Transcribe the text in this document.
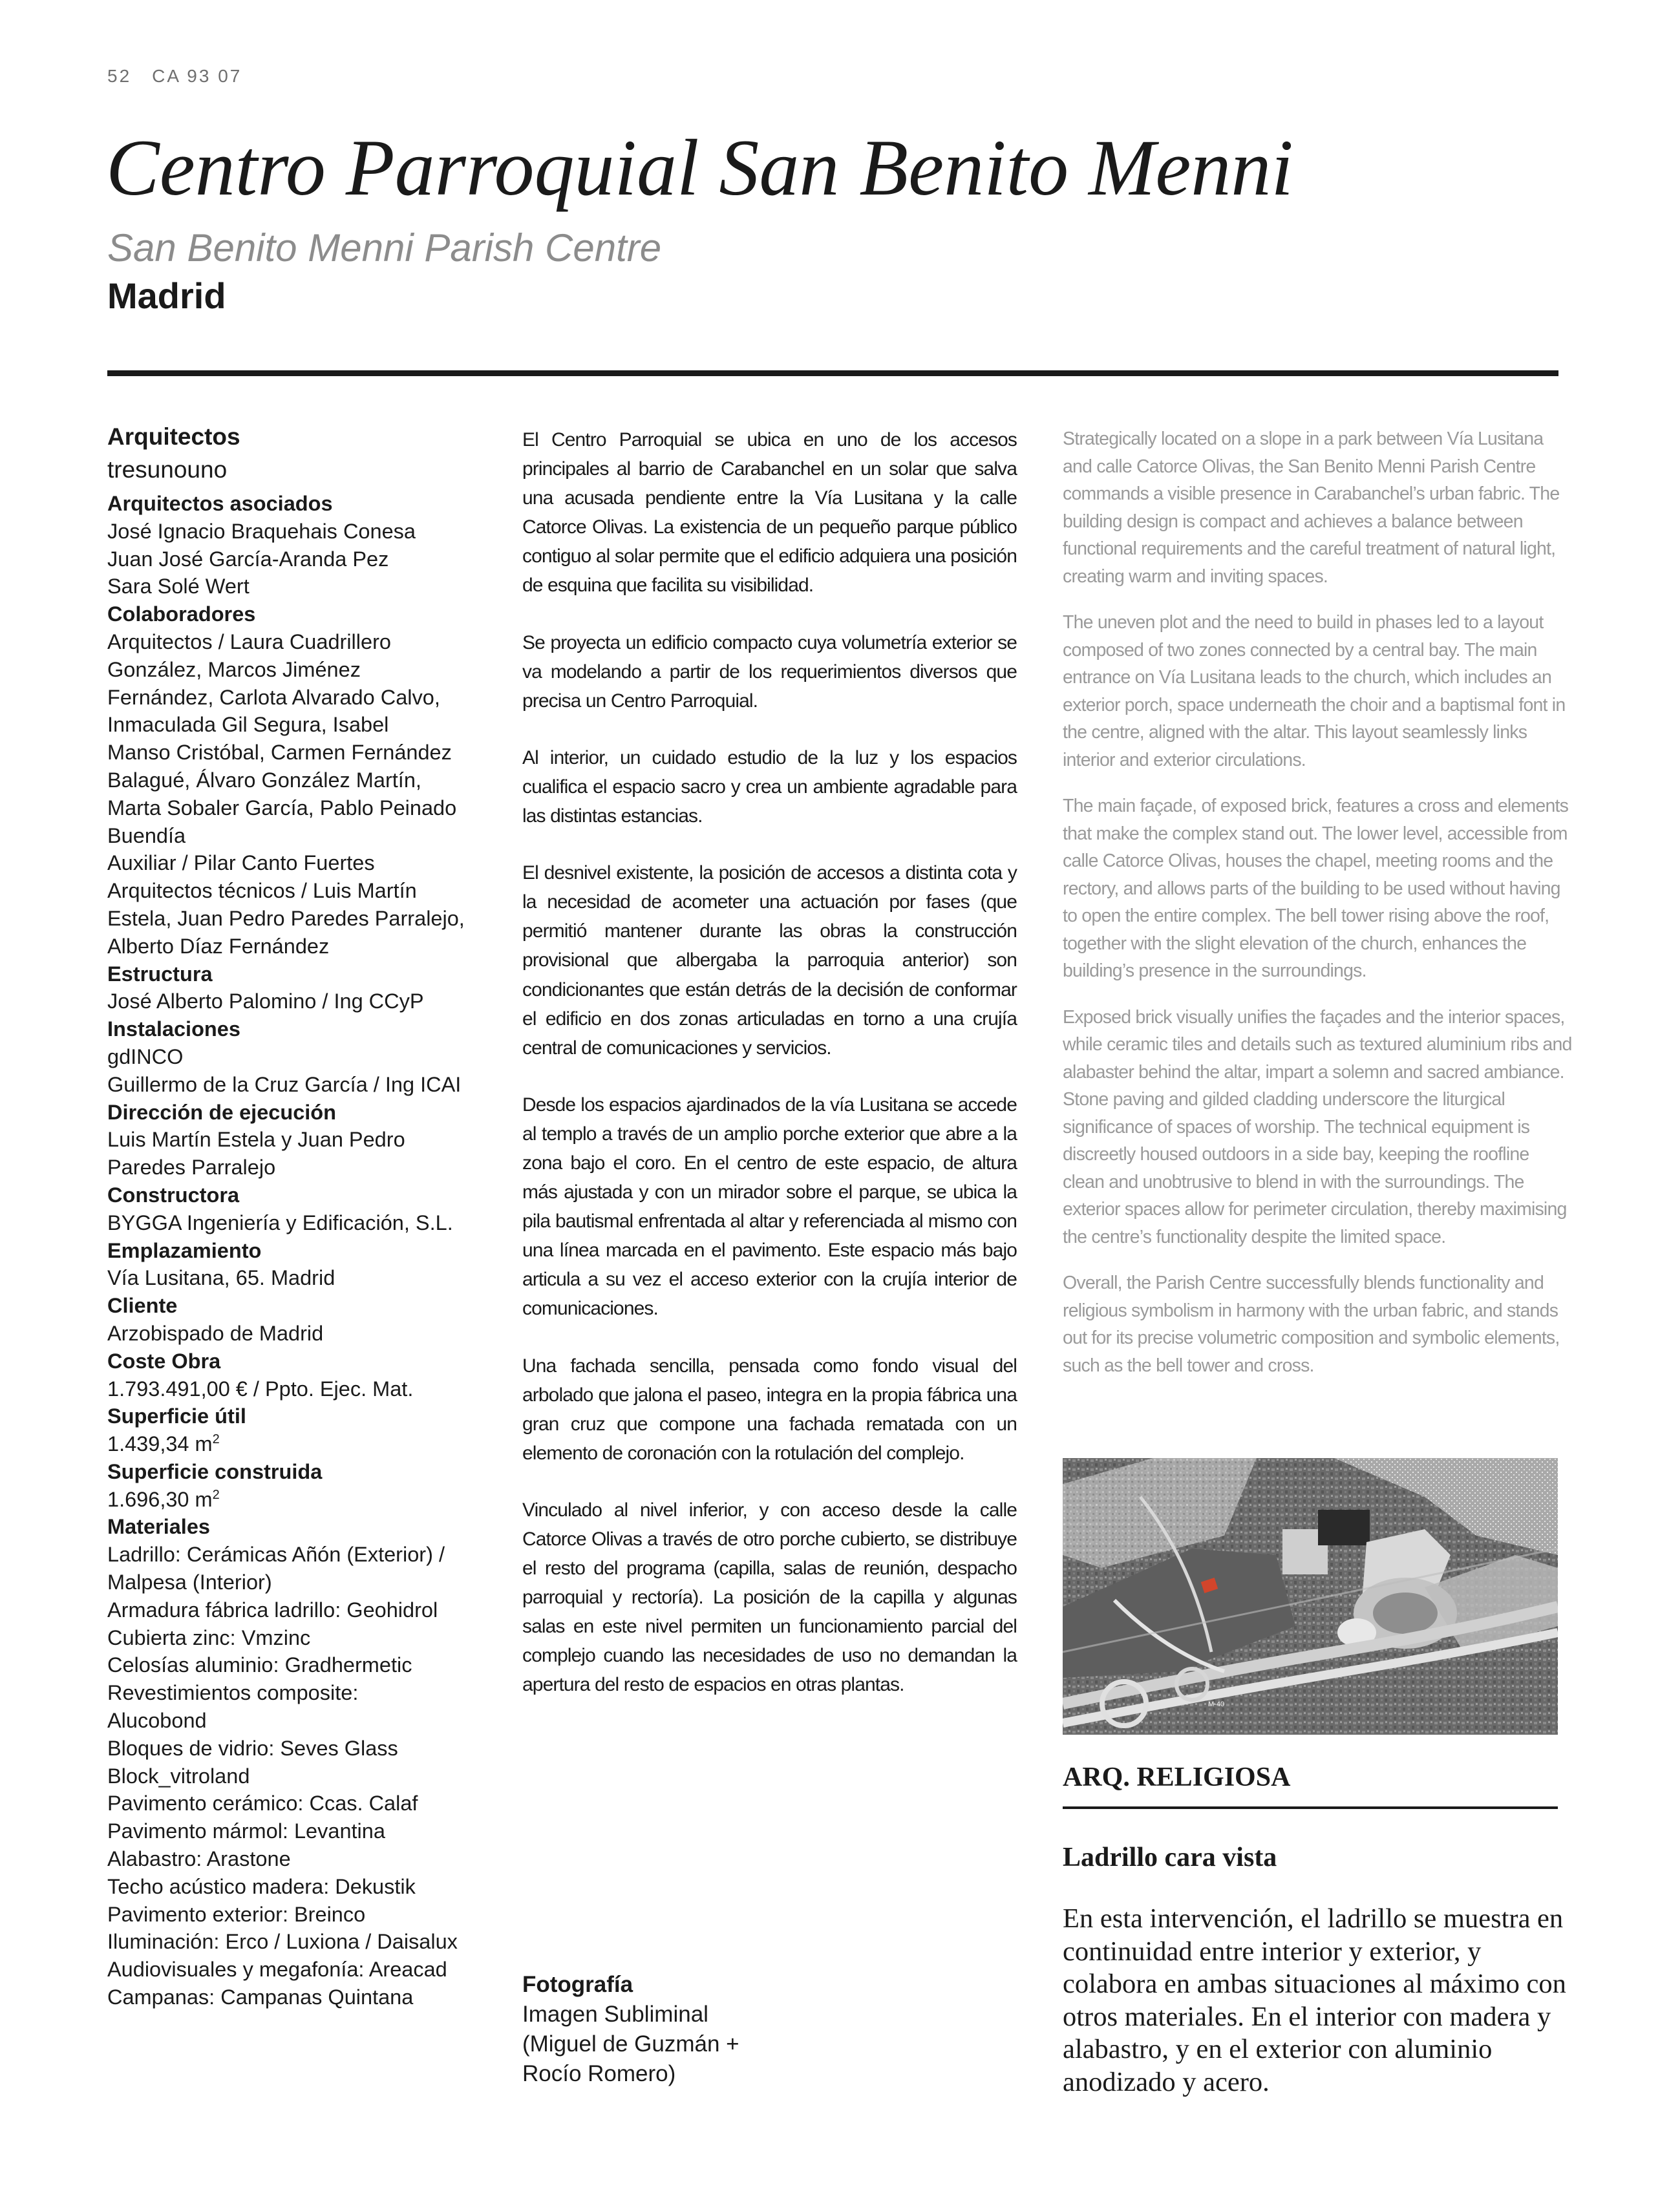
52 CA 93 07
Centro Parroquial San Benito Menni
San Benito Menni Parish Centre
Madrid

Arquitectos

tresunouno

Arquitectos asociados

José Ignacio Braquehais Conesa

Juan José García-Aranda Pez

Sara Solé Wert

Colaboradores

Arquitectos / Laura Cuadrillero

González, Marcos Jiménez

Fernández, Carlota Alvarado Calvo,

Inmaculada Gil Segura, Isabel

Manso Cristóbal, Carmen Fernández

Balagué, Álvaro González Martín,

Marta Sobaler García, Pablo Peinado

Buendía

Auxiliar / Pilar Canto Fuertes

Arquitectos técnicos / Luis Martín

Estela, Juan Pedro Paredes Parralejo,

Alberto Díaz Fernández

Estructura

José Alberto Palomino / Ing CCyP

Instalaciones

gdINCO

Guillermo de la Cruz García / Ing ICAI

Dirección de ejecución

Luis Martín Estela y Juan Pedro

Paredes Parralejo

Constructora

BYGGA Ingeniería y Edificación, S.L.

Emplazamiento

Vía Lusitana, 65. Madrid

Cliente

Arzobispado de Madrid

Coste Obra

1.793.491,00 € / Ppto. Ejec. Mat.

Superficie útil

1.439,34 $m^2$

Superficie construida

1.696,30 $m^2$

Materiales

Ladrillo: Cerámicas Añón (Exterior) /

Malpesa (Interior)

Armadura fábrica ladrillo: Geohidrol

Cubierta zinc: Vmzinc

Celosías aluminio: Gradhermetic

Revestimientos composite:

Alucobond

Bloques de vidrio: Seves Glass

Block_vitroland

Pavimento cerámico: Ccas. Calaf

Pavimento mármol: Levantina

Alabastro: Arastone

Techo acústico madera: Dekustik

Pavimento exterior: Breinco

Iluminación: Erco / Luxiona / Daisalux

Audiovisuales y megafonía: Areacad

Campanas: Campanas Quintana

El Centro Parroquial se ubica en uno de los accesos principales al barrio de Carabanchel en un solar que salva una acusada pendiente entre la Vía Lusitana y la calle Catorce Olivas. La existencia de un pequeño parque público contiguo al solar permite que el edificio adquiera una posición de esquina que facilita su visibilidad.

Se proyecta un edificio compacto cuya volumetría exterior se va modelando a partir de los requerimientos diversos que precisa un Centro Parroquial.

Al interior, un cuidado estudio de la luz y los espacios cualifica el espacio sacro y crea un ambiente agradable para las distintas estancias.

El desnivel existente, la posición de accesos a distinta cota y la necesidad de acometer una actuación por fases (que permitió mantener durante las obras la construcción provisional que albergaba la parroquia anterior) son condicionantes que están detrás de la decisión de conformar el edificio en dos zonas articuladas en torno a una crujía central de comunicaciones y servicios.

Desde los espacios ajardinados de la vía Lusitana se accede al templo a través de un amplio porche exterior que abre a la zona bajo el coro. En el centro de este espacio, de altura más ajustada y con un mirador sobre el parque, se ubica la pila bautismal enfrentada al altar y referenciada al mismo con una línea marcada en el pavimento. Este espacio más bajo articula a su vez el acceso exterior con la crujía interior de comunicaciones.

Una fachada sencilla, pensada como fondo visual del arbolado que jalona el paseo, integra en la propia fábrica una gran cruz que compone una fachada rematada con un elemento de coronación con la rotulación del complejo.

Vinculado al nivel inferior, y con acceso desde la calle Catorce Olivas a través de otro porche cubierto, se distribuye el resto del programa (capilla, salas de reunión, despacho parroquial y rectoría). La posición de la capilla y algunas salas en este nivel permiten un funcionamiento parcial del complejo cuando las necesidades de uso no demandan la apertura del resto de espacios en otras plantas.

Fotografía

Imagen Subliminal

(Miguel de Guzmán +

Rocío Romero)

Strategically located on a slope in a park between Vía Lusitana and calle Catorce Olivas, the San Benito Menni Parish Centre commands a visible presence in Carabanchel’s urban fabric. The building design is compact and achieves a balance between functional requirements and the careful treatment of natural light, creating warm and inviting spaces.

The uneven plot and the need to build in phases led to a layout composed of two zones connected by a central bay. The main entrance on Vía Lusitana leads to the church, which includes an exterior porch, space underneath the choir and a baptismal font in the centre, aligned with the altar. This layout seamlessly links interior and exterior circulations.

The main façade, of exposed brick, features a cross and elements that make the complex stand out. The lower level, accessible from calle Catorce Olivas, houses the chapel, meeting rooms and the rectory, and allows parts of the building to be used without having to open the entire complex. The bell tower rising above the roof, together with the slight elevation of the church, enhances the building’s presence in the surroundings.

Exposed brick visually unifies the façades and the interior spaces, while ceramic tiles and details such as textured aluminium ribs and alabaster behind the altar, impart a solemn and sacred ambiance. Stone paving and gilded cladding underscore the liturgical significance of spaces of worship. The technical equipment is discreetly housed outdoors in a side bay, keeping the roofline clean and unobtrusive to blend in with the surroundings. The exterior spaces allow for perimeter circulation, thereby maximising the centre’s functionality despite the limited space.

Overall, the Parish Centre successfully blends functionality and religious symbolism in harmony with the urban fabric, and stands out for its precise volumetric composition and symbolic elements, such as the bell tower and cross.

M-40
ARQ. RELIGIOSA
Ladrillo cara vista

En esta intervención, el ladrillo se muestra en continuidad entre interior y exterior, y colabora en ambas situaciones al máximo con otros materiales. En el interior con madera y alabastro, y en el exterior con aluminio anodizado y acero.
